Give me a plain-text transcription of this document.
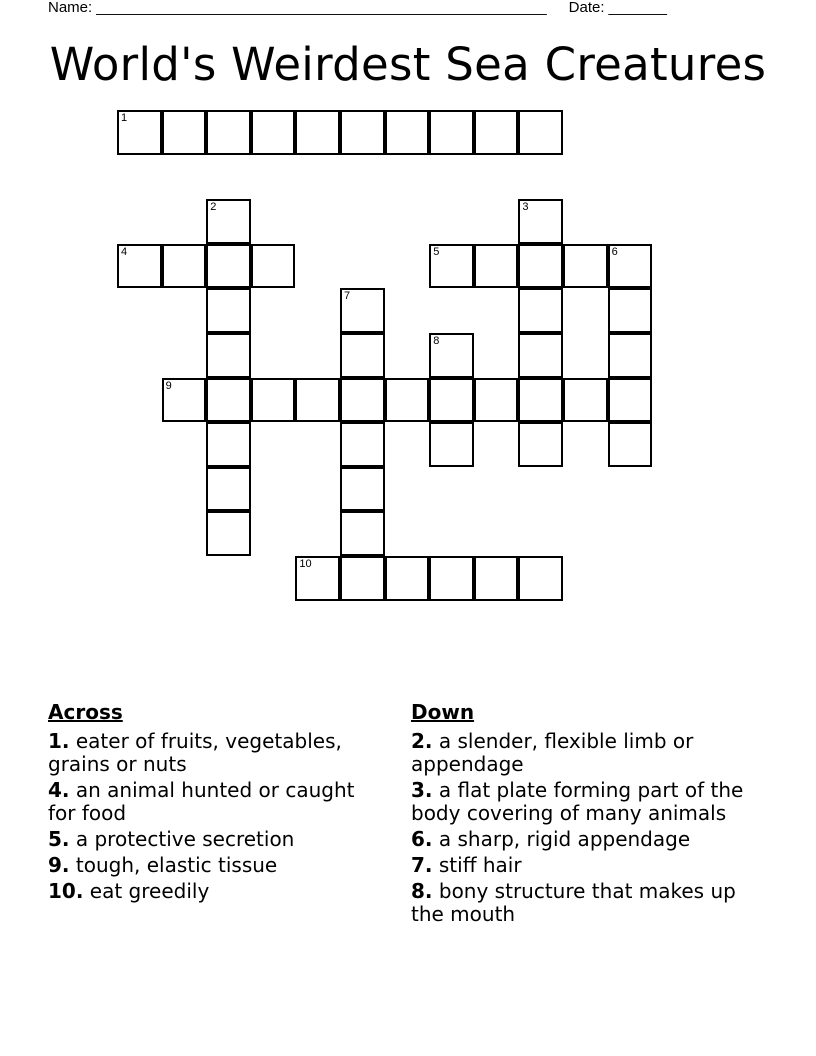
Name: ______________________________________________________ Date: _______
World's Weirdest Sea Creatures
1
4	5	6
9
10
2	3
7
8
Across
1. eater of fruits, vegetables, grains or nuts
4. an animal hunted or caught for food
5. a protective secretion
9. tough, elastic tissue
10. eat greedily
Down
2. a slender, flexible limb or appendage
3. a flat plate forming part of the body covering of many animals
6. a sharp, rigid appendage
7. stiff hair
8. bony structure that makes up the mouth
